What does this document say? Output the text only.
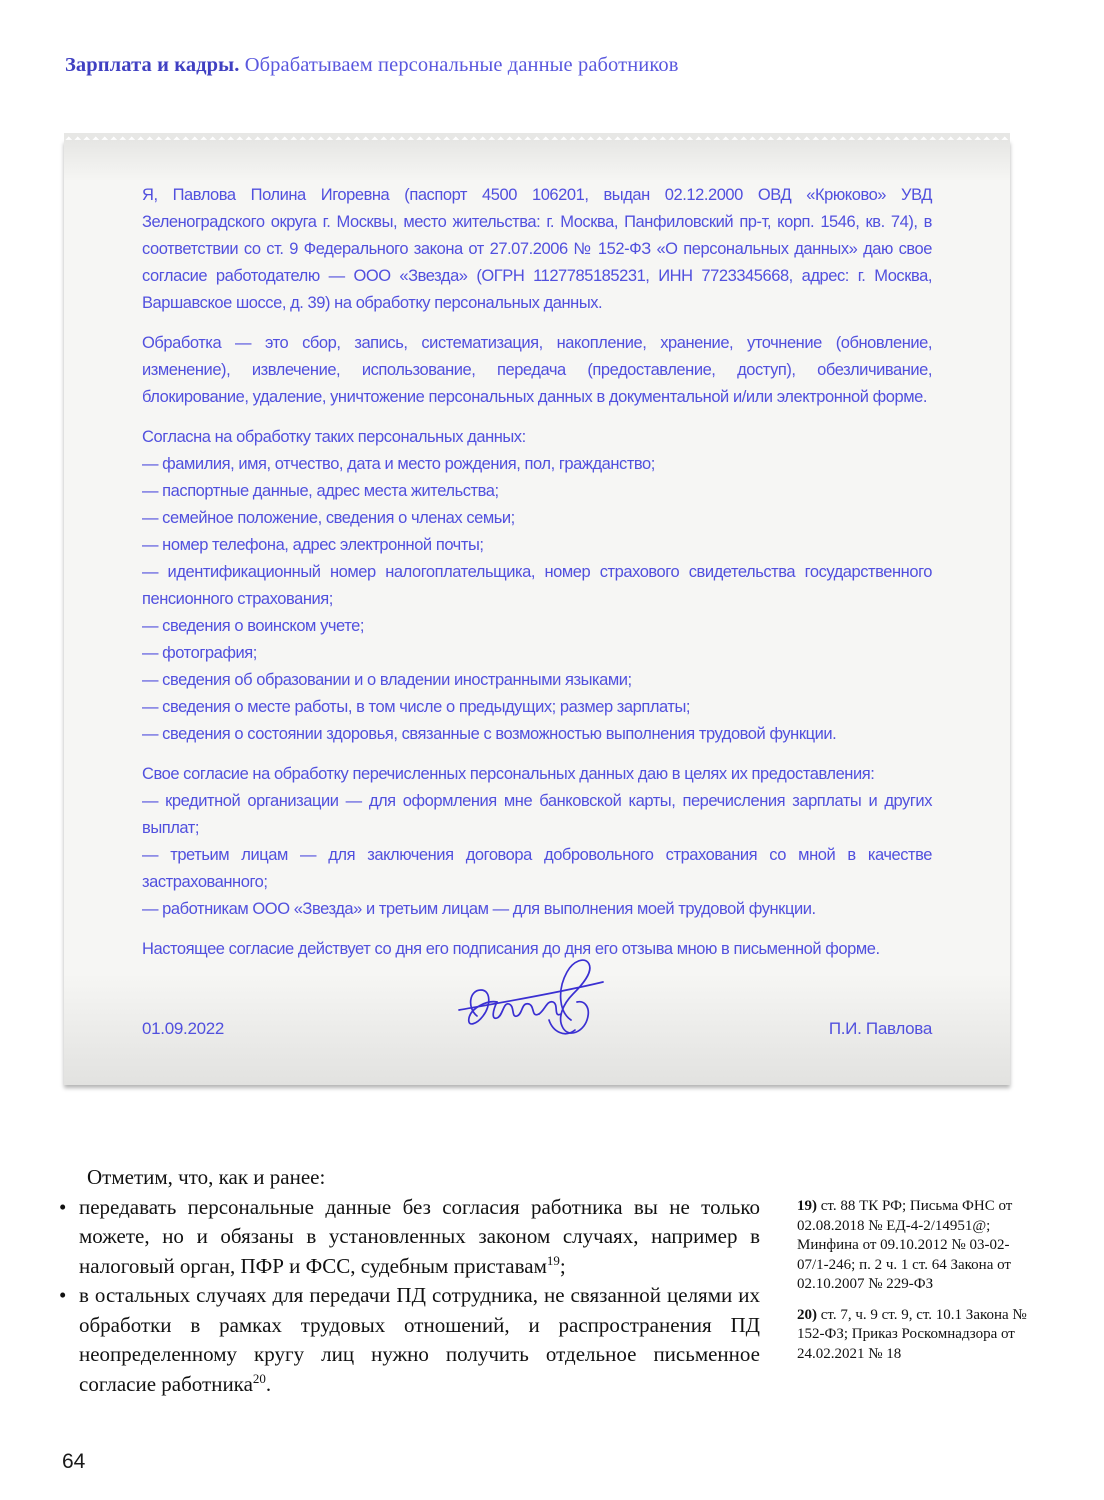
Зарплата и кадры. Обрабатываем персональные данные работников

Я, Павлова Полина Игоревна (паспорт 4500 106201, выдан 02.12.2000 ОВД «Крюково» УВД Зеленоградского округа г. Москвы, место жительства: г. Москва, Панфиловский пр-т, корп. 1546, кв. 74), в соответствии со ст. 9 Федерального закона от 27.07.2006 № 152-ФЗ «О персональных данных» даю свое согласие работодателю — ООО «Звезда» (ОГРН 1127785185231, ИНН 7723345668, адрес: г. Москва, Варшавское шоссе, д. 39) на обработку персональных данных.

Обработка — это сбор, запись, систематизация, накопление, хранение, уточнение (обновление, изменение), извлечение, использование, передача (предоставление, доступ), обезличивание, блокирование, удаление, уничтожение персональных данных в документальной и/или электронной форме.

Согласна на обработку таких персональных данных:

— фамилия, имя, отчество, дата и место рождения, пол, гражданство;

— паспортные данные, адрес места жительства;

— семейное положение, сведения о членах семьи;

— номер телефона, адрес электронной почты;

— идентификационный номер налогоплательщика, номер страхового свидетельства государственного пенсионного страхования;

— сведения о воинском учете;

— фотография;

— сведения об образовании и о владении иностранными языками;

— сведения о месте работы, в том числе о предыдущих; размер зарплаты;

— сведения о состоянии здоровья, связанные с возможностью выполнения трудовой функции.

Свое согласие на обработку перечисленных персональных данных даю в целях их предоставления:

— кредитной организации — для оформления мне банковской карты, перечисления зарплаты и других выплат;

— третьим лицам — для заключения договора добровольного страхования со мной в качестве застрахованного;

— работникам ООО «Звезда» и третьим лицам — для выполнения моей трудовой функции.

Настоящее согласие действует со дня его подписания до дня его отзыва мною в письменной форме.

01.09.2022	П.И. Павлова

Отметим, что, как и ранее:

• передавать персональные данные без согласия работника вы не только можете, но и обязаны в установленных законом случаях, например в налоговый орган, ПФР и ФСС, судебным приставам$^{19}$;
• в остальных случаях для передачи ПД сотрудника, не связанной целями их обработки в рамках трудовых отношений, и распространения ПД неопределенному кругу лиц нужно получить отдельное письменное согласие работника$^{20}$.
19) ст. 88 ТК РФ; Письма ФНС от 02.08.2018 № ЕД-4-2/14951@; Минфина от 09.10.2012 № 03-02-07/1-246; п. 2 ч. 1 ст. 64 Закона от 02.10.2007 № 229-ФЗ
20) ст. 7, ч. 9 ст. 9, ст. 10.1 Закона № 152-ФЗ; Приказ Роскомнадзора от 24.02.2021 № 18
64
